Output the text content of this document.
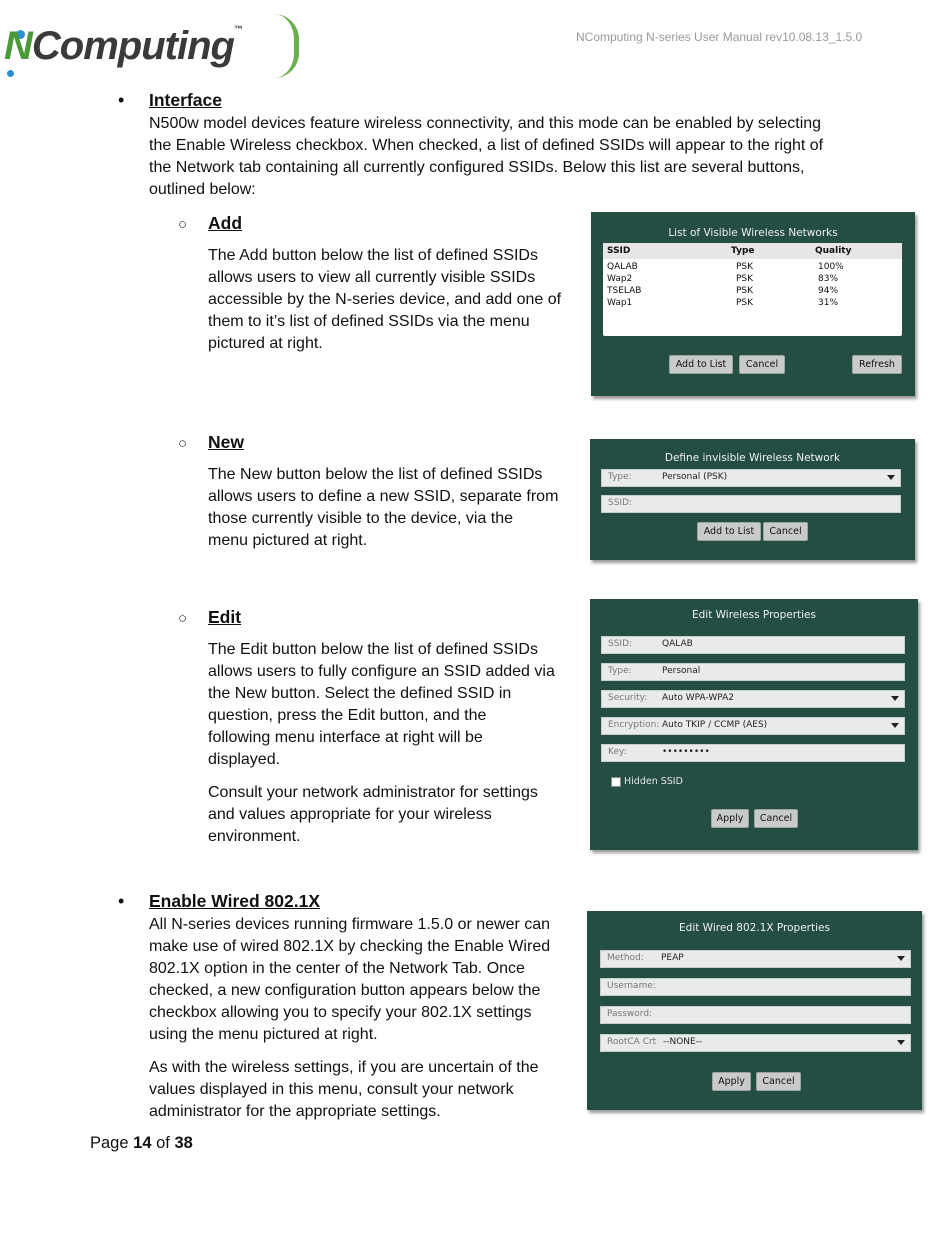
NComputing™
NComputing N-series User Manual rev10.08.13_1.5.0
• Interface
N500w model devices feature wireless connectivity, and this mode can be enabled by selecting
the Enable Wireless checkbox. When checked, a list of defined SSIDs will appear to the right of
the Network tab containing all currently configured SSIDs. Below this list are several buttons,
outlined below:
○ Add
The Add button below the list of defined SSIDs
allows users to view all currently visible SSIDs
accessible by the N-series device, and add one of
them to it’s list of defined SSIDs via the menu
pictured at right.
List of Visible Wireless Networks
SSID	Type	Quality
QALAB	PSK	100%
Wap2	PSK	83%
TSELAB	PSK	94%
Wap1	PSK	31%
Add to List	Cancel	Refresh
○ New
The New button below the list of defined SSIDs
allows users to define a new SSID, separate from
those currently visible to the device, via the
menu pictured at right.
Define invisible Wireless Network
Type:	Personal (PSK)
SSID:
Add to List	Cancel
○ Edit
The Edit button below the list of defined SSIDs
allows users to fully configure an SSID added via
the New button. Select the defined SSID in
question, press the Edit button, and the
following menu interface at right will be
displayed.
Consult your network administrator for settings
and values appropriate for your wireless
environment.
Edit Wireless Properties
SSID:	QALAB
Type:	Personal
Security: Auto WPA-WPA2
Encryption: Auto TKIP / CCMP (AES)
Key:	•••••••••
Hidden SSID
Apply	Cancel
• Enable Wired 802.1X
All N-series devices running firmware 1.5.0 or newer can
make use of wired 802.1X by checking the Enable Wired
802.1X option in the center of the Network Tab. Once
checked, a new configuration button appears below the
checkbox allowing you to specify your 802.1X settings
using the menu pictured at right.
As with the wireless settings, if you are uncertain of the
values displayed in this menu, consult your network
administrator for the appropriate settings.
Edit Wired 802.1X Properties
Method: PEAP
Username:
Password:
RootCA Crt --NONE--
Apply	Cancel
Page 14 of 38
